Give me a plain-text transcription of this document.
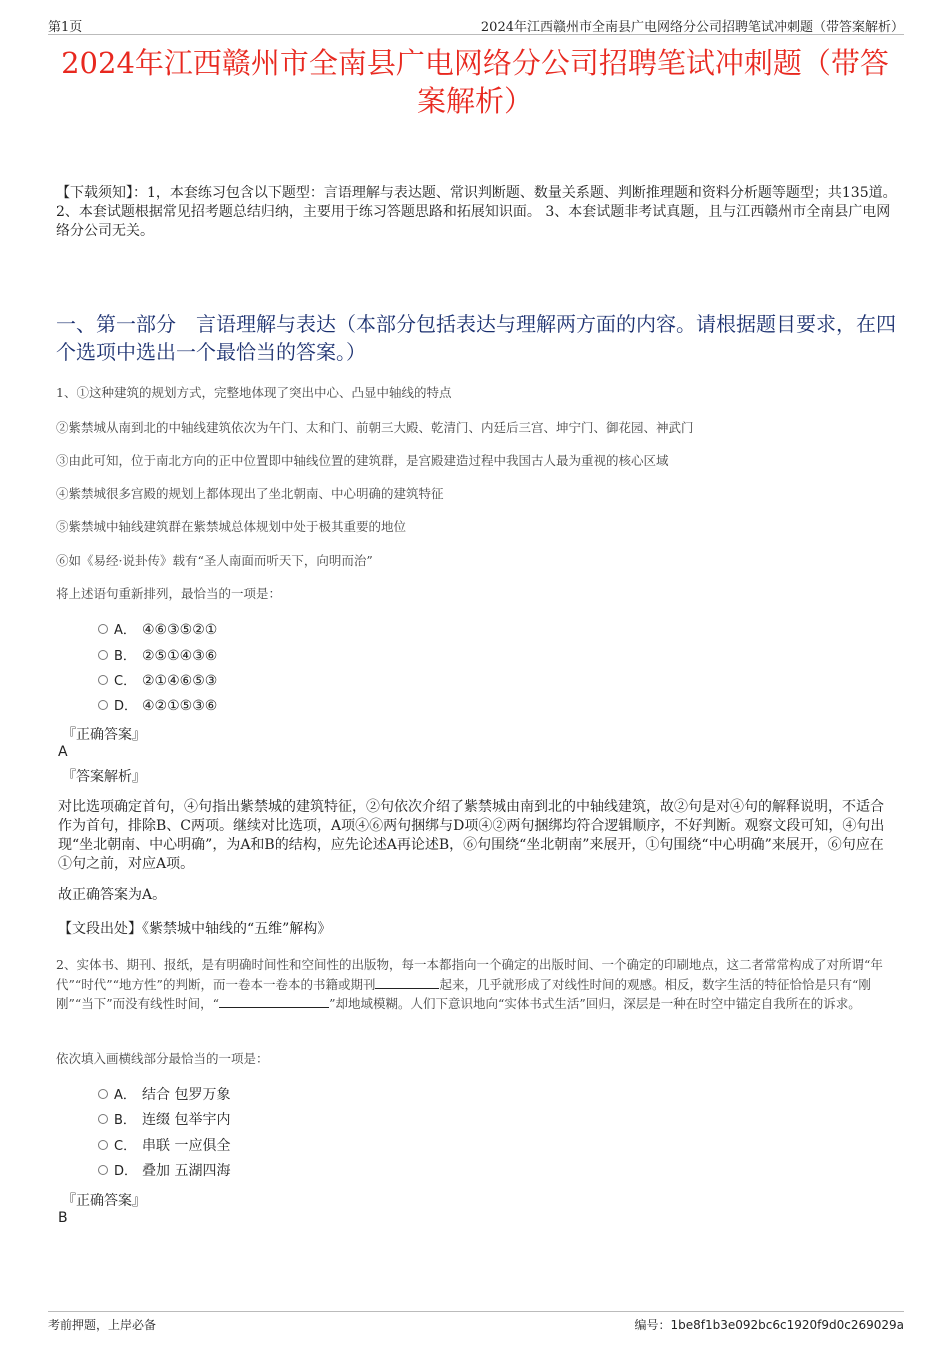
第1页	2024年江西赣州市全南县广电网络分公司招聘笔试冲刺题（带答案解析）
2024年江西赣州市全南县广电网络分公司招聘笔试冲刺题（带答案解析）

【下载须知】：1，本套练习包含以下题型：言语理解与表达题、常识判断题、数量关系题、判断推理题和资料分析题等题型；共135道。 2、本套试题根据常见招考题总结归纳，主要用于练习答题思路和拓展知识面。 3、本套试题非考试真题，且与江西赣州市全南县广电网络分公司无关。

一、第一部分　言语理解与表达（本部分包括表达与理解两方面的内容。请根据题目要求，在四个选项中选出一个最恰当的答案。）

1、①这种建筑的规划方式，完整地体现了突出中心、凸显中轴线的特点

②紫禁城从南到北的中轴线建筑依次为午门、太和门、前朝三大殿、乾清门、内廷后三宫、坤宁门、御花园、神武门

③由此可知，位于南北方向的正中位置即中轴线位置的建筑群，是宫殿建造过程中我国古人最为重视的核心区域

④紫禁城很多宫殿的规划上都体现出了坐北朝南、中心明确的建筑特征

⑤紫禁城中轴线建筑群在紫禁城总体规划中处于极其重要的地位

⑥如《易经·说卦传》载有“圣人南面而听天下，向明而治”

将上述语句重新排列，最恰当的一项是：

A． ④⑥③⑤②①
B． ②⑤①④③⑥
C． ②①④⑥⑤③
D． ④②①⑤③⑥
『正确答案』
A
『答案解析』

对比选项确定首句，④句指出紫禁城的建筑特征，②句依次介绍了紫禁城由南到北的中轴线建筑，故②句是对④句的解释说明，不适合作为首句，排除B、C两项。继续对比选项，A项④⑥两句捆绑与D项④②两句捆绑均符合逻辑顺序，不好判断。观察文段可知，④句出现“坐北朝南、中心明确”，为A和B的结构，应先论述A再论述B，⑥句围绕“坐北朝南”来展开，①句围绕“中心明确”来展开，⑥句应在①句之前，对应A项。

故正确答案为A。

【文段出处】《紫禁城中轴线的“五维”解构》

2、实体书、期刊、报纸，是有明确时间性和空间性的出版物，每一本都指向一个确定的出版时间、一个确定的印刷地点，这二者常常构成了对所谓“年代”“时代”“地方性”的判断，而一卷本一卷本的书籍或期刊	起来，几乎就形成了对线性时间的观感。相反，数字生活的特征恰恰是只有“刚刚”“当下”而没有线性时间，“	”却地域模糊。人们下意识地向“实体书式生活”回归，深层是一种在时空中锚定自我所在的诉求。

依次填入画横线部分最恰当的一项是：

A． 结合 包罗万象
B． 连缀 包举宇内
C． 串联 一应俱全
D． 叠加 五湖四海
『正确答案』
B
考前押题，上岸必备	编号：1be8f1b3e092bc6c1920f9d0c269029a
